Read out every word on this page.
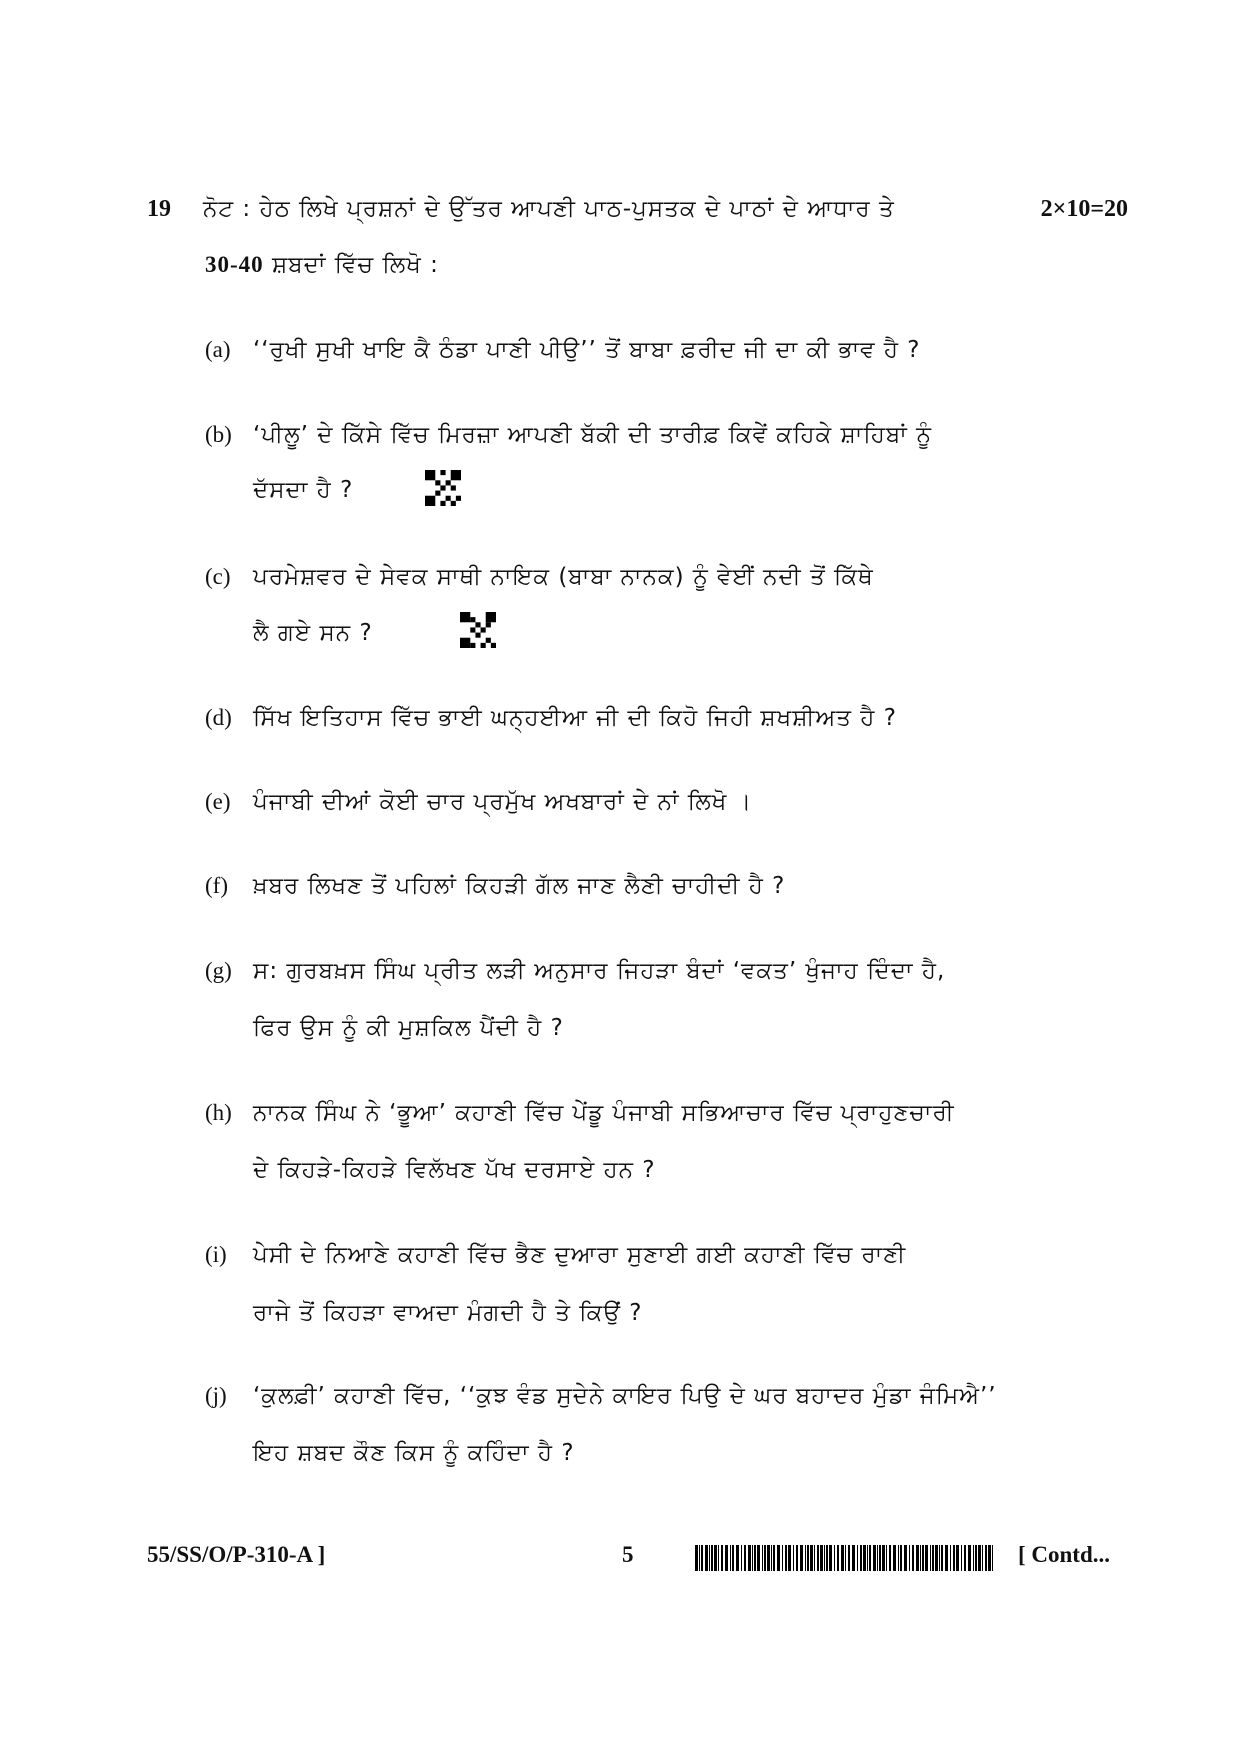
19 ਨੋਟ : ਹੇਠ ਲਿਖੇ ਪ੍ਰਸ਼ਨਾਂ ਦੇ ਉੱਤਰ ਆਪਣੀ ਪਾਠ-ਪੁਸਤਕ ਦੇ ਪਾਠਾਂ ਦੇ ਆਧਾਰ ਤੇ	2×10=20
30-40 ਸ਼ਬਦਾਂ ਵਿੱਚ ਲਿਖੋ :
(a) ‘‘ਰੁਖੀ ਸੁਖੀ ਖਾਇ ਕੈ ਠੰਡਾ ਪਾਣੀ ਪੀਉ’’ ਤੋਂ ਬਾਬਾ ਫ਼ਰੀਦ ਜੀ ਦਾ ਕੀ ਭਾਵ ਹੈ ?
(b) ‘ਪੀਲੂ’ ਦੇ ਕਿੱਸੇ ਵਿੱਚ ਮਿਰਜ਼ਾ ਆਪਣੀ ਬੱਕੀ ਦੀ ਤਾਰੀਫ਼ ਕਿਵੇਂ ਕਹਿਕੇ ਸ਼ਾਹਿਬਾਂ ਨੂੰ
ਦੱਸਦਾ ਹੈ ?
(c) ਪਰਮੇਸ਼ਵਰ ਦੇ ਸੇਵਕ ਸਾਥੀ ਨਾਇਕ (ਬਾਬਾ ਨਾਨਕ) ਨੂੰ ਵੇਈਂ ਨਦੀ ਤੋਂ ਕਿੱਥੇ
ਲੈ ਗਏ ਸਨ ?
(d) ਸਿੱਖ ਇਤਿਹਾਸ ਵਿੱਚ ਭਾਈ ਘਨ੍ਹਈਆ ਜੀ ਦੀ ਕਿਹੋ ਜਿਹੀ ਸ਼ਖਸ਼ੀਅਤ ਹੈ ?
(e) ਪੰਜਾਬੀ ਦੀਆਂ ਕੋਈ ਚਾਰ ਪ੍ਰਮੁੱਖ ਅਖਬਾਰਾਂ ਦੇ ਨਾਂ ਲਿਖੋ ।
(f) ਖ਼ਬਰ ਲਿਖਣ ਤੋਂ ਪਹਿਲਾਂ ਕਿਹੜੀ ਗੱਲ ਜਾਣ ਲੈਣੀ ਚਾਹੀਦੀ ਹੈ ?
(g) ਸ: ਗੁਰਬਖ਼ਸ ਸਿੰਘ ਪ੍ਰੀਤ ਲੜੀ ਅਨੁਸਾਰ ਜਿਹੜਾ ਬੰਦਾਂ ‘ਵਕਤ’ ਖੁੰਜਾਹ ਦਿੰਦਾ ਹੈ,
ਫਿਰ ਉਸ ਨੂੰ ਕੀ ਮੁਸ਼ਕਿਲ ਪੈਂਦੀ ਹੈ ?
(h) ਨਾਨਕ ਸਿੰਘ ਨੇ ‘ਭੂਆ’ ਕਹਾਣੀ ਵਿੱਚ ਪੇਂਡੂ ਪੰਜਾਬੀ ਸਭਿਆਚਾਰ ਵਿੱਚ ਪ੍ਰਾਹੁਣਚਾਰੀ
ਦੇ ਕਿਹੜੇ-ਕਿਹੜੇ ਵਿਲੱਖਣ ਪੱਖ ਦਰਸਾਏ ਹਨ ?
(i) ਪੇਸੀ ਦੇ ਨਿਆਣੇ ਕਹਾਣੀ ਵਿੱਚ ਭੈਣ ਦੁਆਰਾ ਸੁਣਾਈ ਗਈ ਕਹਾਣੀ ਵਿੱਚ ਰਾਣੀ
ਰਾਜੇ ਤੋਂ ਕਿਹੜਾ ਵਾਅਦਾ ਮੰਗਦੀ ਹੈ ਤੇ ਕਿਉਂ ?
(j) ‘ਕੁਲਫ਼ੀ’ ਕਹਾਣੀ ਵਿੱਚ, ‘‘ਕੁਝ ਵੰਡ ਸੁਦੇਨੇ ਕਾਇਰ ਪਿਉ ਦੇ ਘਰ ਬਹਾਦਰ ਮੁੰਡਾ ਜੰਮਿਐ’’
ਇਹ ਸ਼ਬਦ ਕੌਣ ਕਿਸ ਨੂੰ ਕਹਿੰਦਾ ਹੈ ?
55/SS/O/P-310-A ]	5	[ Contd...
